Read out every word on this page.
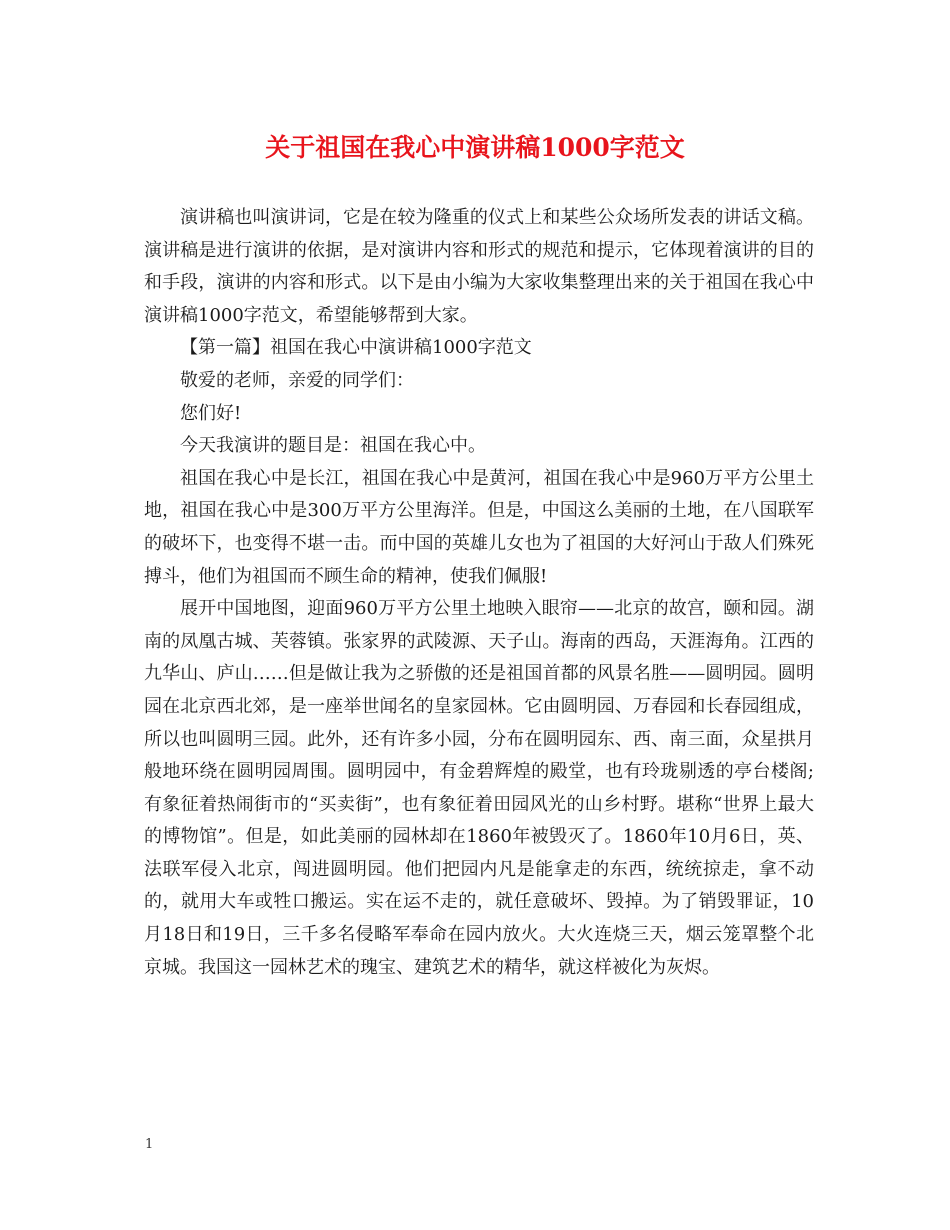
关于祖国在我心中演讲稿1000字范文

演讲稿也叫演讲词，它是在较为隆重的仪式上和某些公众场所发表的讲话文稿。演讲稿是进行演讲的依据，是对演讲内容和形式的规范和提示，它体现着演讲的目的和手段，演讲的内容和形式。以下是由小编为大家收集整理出来的关于祖国在我心中演讲稿1000字范文，希望能够帮到大家。

【第一篇】祖国在我心中演讲稿1000字范文

敬爱的老师，亲爱的同学们：

您们好!

今天我演讲的题目是：祖国在我心中。

祖国在我心中是长江，祖国在我心中是黄河，祖国在我心中是960万平方公里土地，祖国在我心中是300万平方公里海洋。但是，中国这么美丽的土地，在八国联军的破坏下，也变得不堪一击。而中国的英雄儿女也为了祖国的大好河山于敌人们殊死搏斗，他们为祖国而不顾生命的精神，使我们佩服!

展开中国地图，迎面960万平方公里土地映入眼帘——北京的故宫，颐和园。湖南的凤凰古城、芙蓉镇。张家界的武陵源、天子山。海南的西岛，天涯海角。江西的九华山、庐山……但是做让我为之骄傲的还是祖国首都的风景名胜——圆明园。圆明园在北京西北郊，是一座举世闻名的皇家园林。它由圆明园、万春园和长春园组成，所以也叫圆明三园。此外，还有许多小园，分布在圆明园东、西、南三面，众星拱月般地环绕在圆明园周围。圆明园中，有金碧辉煌的殿堂，也有玲珑剔透的亭台楼阁;有象征着热闹街市的“买卖街”，也有象征着田园风光的山乡村野。堪称“世界上最大的博物馆”。但是，如此美丽的园林却在1860年被毁灭了。1860年10月6日，英、法联军侵入北京，闯进圆明园。他们把园内凡是能拿走的东西，统统掠走，拿不动的，就用大车或牲口搬运。实在运不走的，就任意破坏、毁掉。为了销毁罪证，10月18日和19日，三千多名侵略军奉命在园内放火。大火连烧三天，烟云笼罩整个北京城。我国这一园林艺术的瑰宝、建筑艺术的精华，就这样被化为灰烬。

1
